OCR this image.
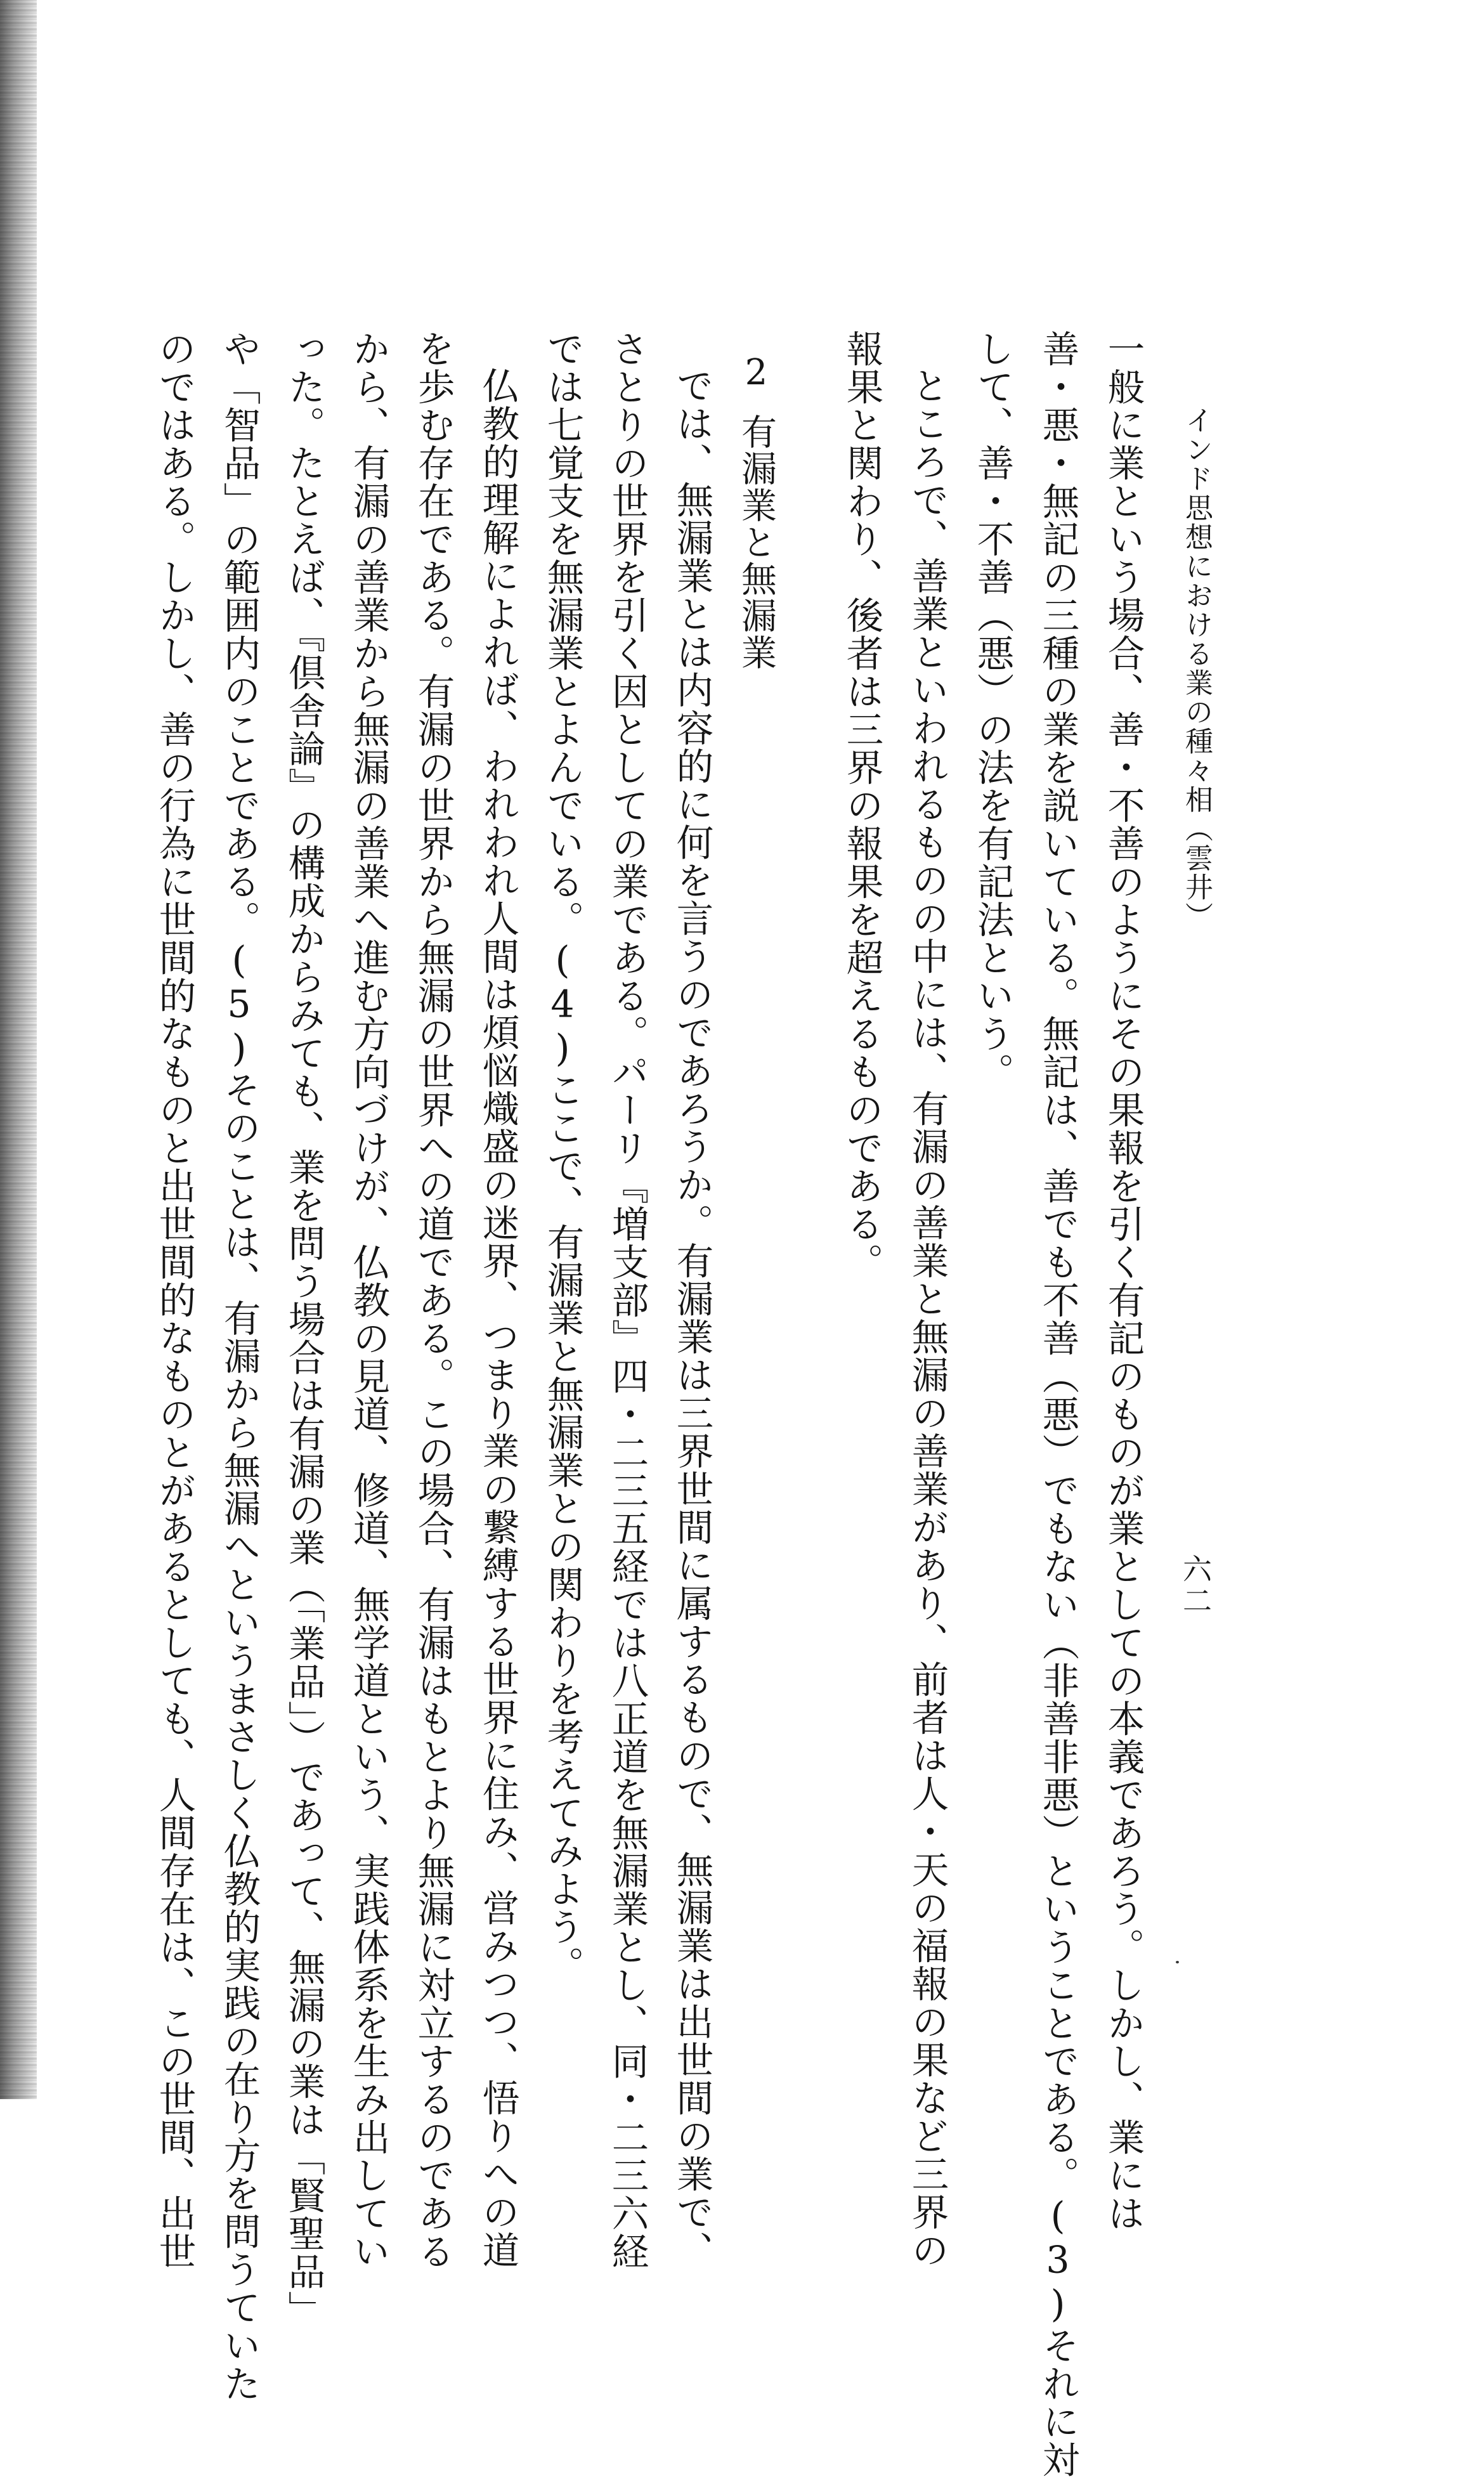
インド思想における業の種々相（雲井）
六二
一般に業という場合、善・不善のようにその果報を引く有記のものが業としての本義であろう。しかし、業には
善・悪・無記の三種の業を説いている。無記は、善でも不善（悪）でもない（非善非悪）ということである。(3)それに対
して、善・不善（悪）の法を有記法という。
ところで、善業といわれるものの中には、有漏の善業と無漏の善業があり、前者は人・天の福報の果など三界の
報果と関わり、後者は三界の報果を超えるものである。
2有漏業と無漏業
では、無漏業とは内容的に何を言うのであろうか。有漏業は三界世間に属するもので、無漏業は出世間の業で、
さとりの世界を引く因としての業である。パーリ『増支部』四・二三五経では八正道を無漏業とし、同・二三六経
では七覚支を無漏業とよんでいる。(4)ここで、有漏業と無漏業との関わりを考えてみよう。
仏教的理解によれば、われわれ人間は煩悩熾盛の迷界、つまり業の繋縛する世界に住み、営みつつ、悟りへの道
を歩む存在である。有漏の世界から無漏の世界への道である。この場合、有漏はもとより無漏に対立するのである
から、有漏の善業から無漏の善業へ進む方向づけが、仏教の見道、修道、無学道という、実践体系を生み出してい
った。たとえば、『倶舎論』の構成からみても、業を問う場合は有漏の業（「業品」）であって、無漏の業は「賢聖品」
や「智品」の範囲内のことである。(5)そのことは、有漏から無漏へというまさしく仏教的実践の在り方を問うていた
のではある。しかし、善の行為に世間的なものと出世間的なものとがあるとしても、人間存在は、この世間、出世
